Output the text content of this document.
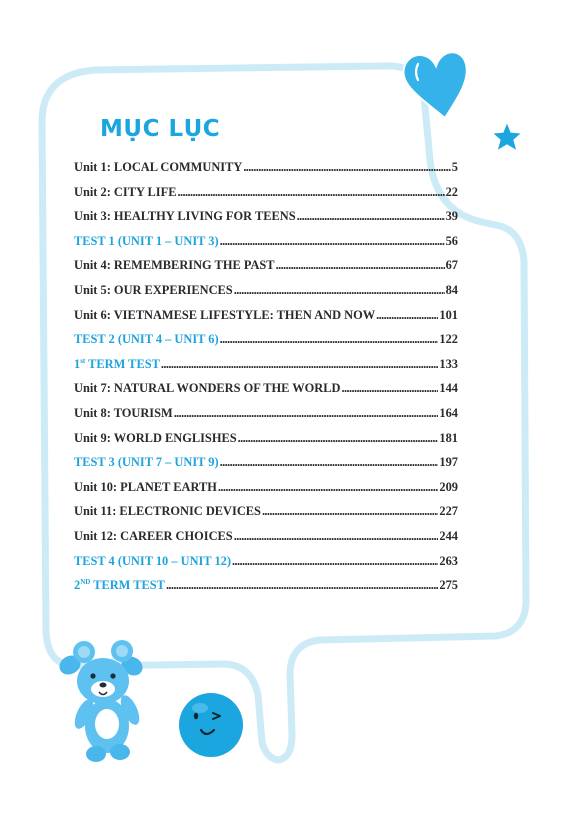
MỤC LỤC
Unit 1: LOCAL COMMUNITY .....	5
Unit 2: CITY LIFE .....	22
Unit 3: HEALTHY LIVING FOR TEENS .....	39
TEST 1 (UNIT 1 – UNIT 3) .....	56
Unit 4: REMEMBERING THE PAST .....	67
Unit 5: OUR EXPERIENCES .....	84
Unit 6: VIETNAMESE LIFESTYLE: THEN AND NOW .....	101
TEST 2 (UNIT 4 – UNIT 6) .....	122
1st TERM TEST .....	133
Unit 7: NATURAL WONDERS OF THE WORLD .....	144
Unit 8: TOURISM .....	164
Unit 9: WORLD ENGLISHES .....	181
TEST 3 (UNIT 7 – UNIT 9) .....	197
Unit 10: PLANET EARTH .....	209
Unit 11: ELECTRONIC DEVICES .....	227
Unit 12: CAREER CHOICES .....	244
TEST 4 (UNIT 10 – UNIT 12) .....	263
2ND TERM TEST .....	275
